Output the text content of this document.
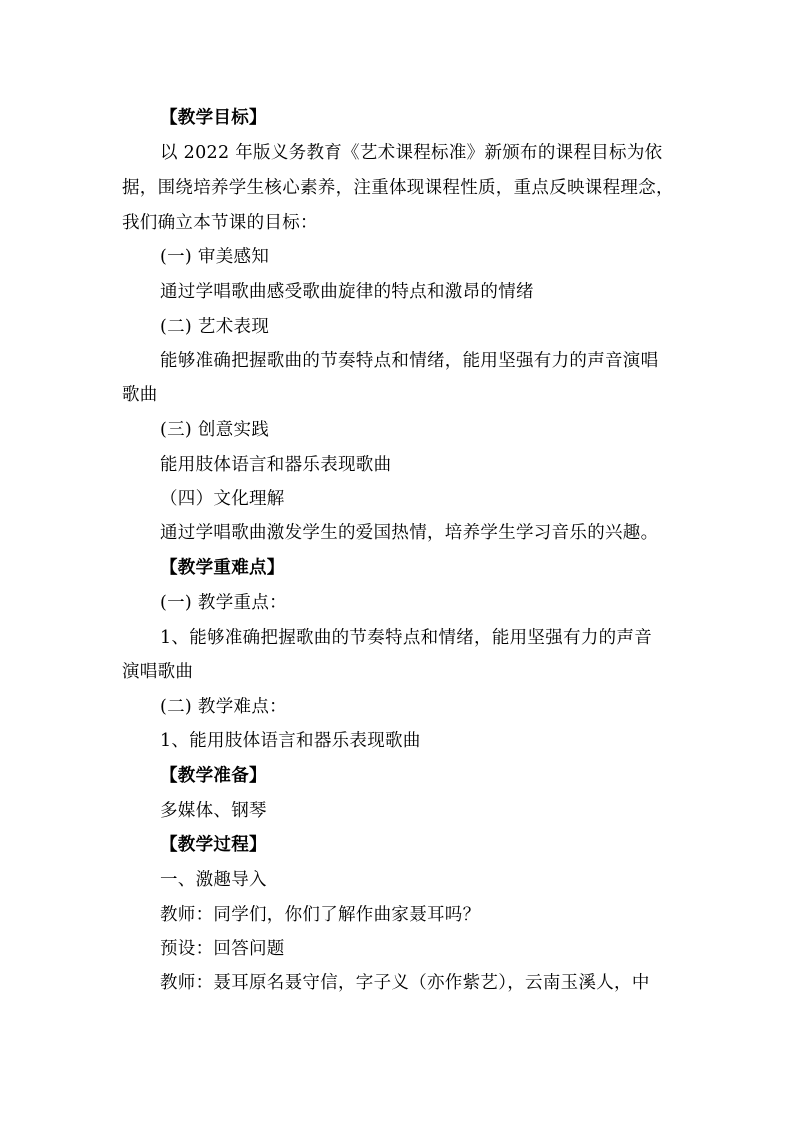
【教学目标】
以 2022 年版义务教育《艺术课程标准》新颁布的课程目标为依
据，围绕培养学生核心素养，注重体现课程性质，重点反映课程理念，
我们确立本节课的目标：
(一) 审美感知
通过学唱歌曲感受歌曲旋律的特点和激昂的情绪
(二) 艺术表现
能够准确把握歌曲的节奏特点和情绪，能用坚强有力的声音演唱
歌曲
(三) 创意实践
能用肢体语言和器乐表现歌曲
（四）文化理解
通过学唱歌曲激发学生的爱国热情，培养学生学习音乐的兴趣。
【教学重难点】
(一) 教学重点：
1、能够准确把握歌曲的节奏特点和情绪，能用坚强有力的声音
演唱歌曲
(二) 教学难点：
1、能用肢体语言和器乐表现歌曲
【教学准备】
多媒体、钢琴
【教学过程】
一、激趣导入
教师：同学们，你们了解作曲家聂耳吗？
预设：回答问题
教师：聂耳原名聂守信，字子义（亦作紫艺），云南玉溪人，中
